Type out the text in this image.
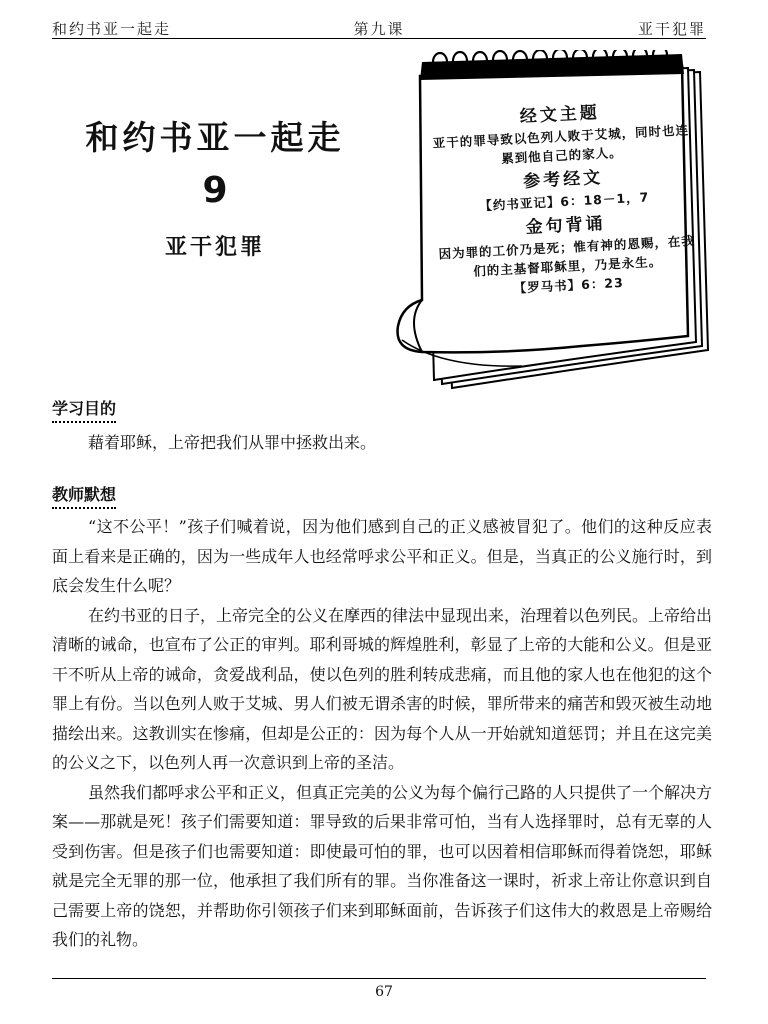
和约书亚一起走	第九课	亚干犯罪
和约书亚一起走
9
亚干犯罪
经文主题
亚干的罪导致以色列人败于艾城，同时也连累到他自己的家人。
参考经文
【约书亚记】6：18－1，7
金句背诵
因为罪的工价乃是死；惟有神的恩赐，在我们的主基督耶稣里，乃是永生。
【罗马书】6：23
学习目的

藉着耶稣，上帝把我们从罪中拯救出来。

教师默想

“这不公平！”孩子们喊着说，因为他们感到自己的正义感被冒犯了。他们的这种反应表面上看来是正确的，因为一些成年人也经常呼求公平和正义。但是，当真正的公义施行时，到底会发生什么呢？

在约书亚的日子，上帝完全的公义在摩西的律法中显现出来，治理着以色列民。上帝给出清晰的诫命，也宣布了公正的审判。耶利哥城的辉煌胜利，彰显了上帝的大能和公义。但是亚干不听从上帝的诫命，贪爱战利品，使以色列的胜利转成悲痛，而且他的家人也在他犯的这个罪上有份。当以色列人败于艾城、男人们被无谓杀害的时候，罪所带来的痛苦和毁灭被生动地描绘出来。这教训实在惨痛，但却是公正的：因为每个人从一开始就知道惩罚；并且在这完美的公义之下，以色列人再一次意识到上帝的圣洁。

虽然我们都呼求公平和正义，但真正完美的公义为每个偏行己路的人只提供了一个解决方案——那就是死！孩子们需要知道：罪导致的后果非常可怕，当有人选择罪时，总有无辜的人受到伤害。但是孩子们也需要知道：即使最可怕的罪，也可以因着相信耶稣而得着饶恕，耶稣就是完全无罪的那一位，他承担了我们所有的罪。当你准备这一课时，祈求上帝让你意识到自己需要上帝的饶恕，并帮助你引领孩子们来到耶稣面前，告诉孩子们这伟大的救恩是上帝赐给我们的礼物。

67
